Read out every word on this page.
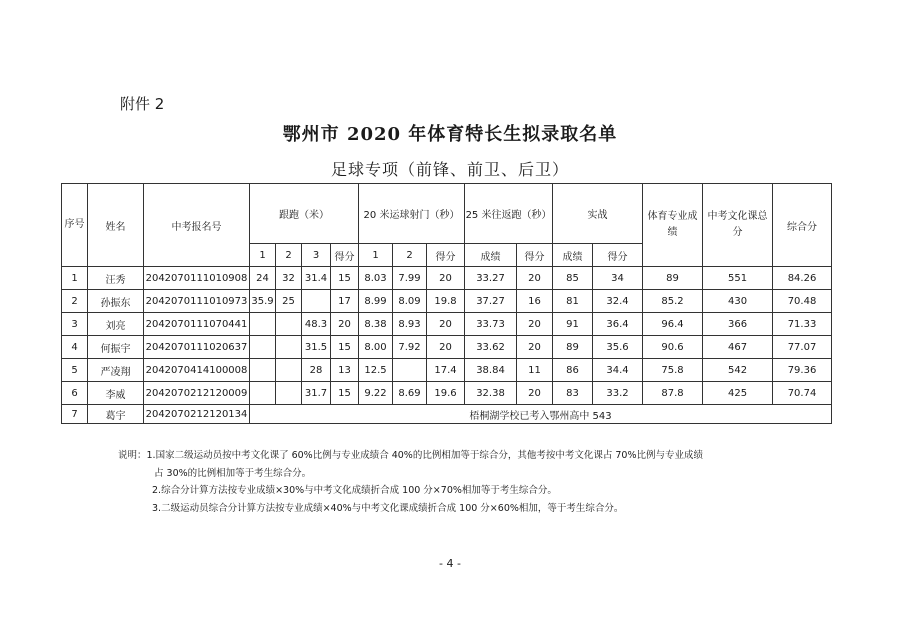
附件 2
鄂州市 2020 年体育特长生拟录取名单
足球专项（前锋、前卫、后卫）
序号	姓名	中考报名号	跟跑（米）				20 米运球射门（秒）			25 米往返跑（秒）		实战		体育专业成绩	中考文化课总分	综合分
			1	2	3	得分	1	2	得分	成绩	得分	成绩	得分			
1	汪秀	2042070111010908	24	32	31.4	15	8.03	7.99	20	33.27	20	85	34	89	551	84.26
2	孙振东	2042070111010973	35.9	25		17	8.99	8.09	19.8	37.27	16	81	32.4	85.2	430	70.48
3	刘亮	2042070111070441			48.3	20	8.38	8.93	20	33.73	20	91	36.4	96.4	366	71.33
4	何振宇	2042070111020637			31.5	15	8.00	7.92	20	33.62	20	89	35.6	90.6	467	77.07
5	严凌翔	2042070414100008			28	13	12.5		17.4	38.84	11	86	34.4	75.8	542	79.36
6	李威	2042070212120009			31.7	15	9.22	8.69	19.6	32.38	20	83	33.2	87.8	425	70.74
7	葛宇	2042070212120134	梧桐湖学校已考入鄂州高中 543													
说明：1.国家二级运动员按中考文化课了 60%比例与专业成绩合 40%的比例相加等于综合分，其他考按中考文化课占 70%比例与专业成绩
占 30%的比例相加等于考生综合分。
2.综合分计算方法按专业成绩×30%与中考文化成绩折合成 100 分×70%相加等于考生综合分。
3.二级运动员综合分计算方法按专业成绩×40%与中考文化课成绩折合成 100 分×60%相加，等于考生综合分。
- 4 -
